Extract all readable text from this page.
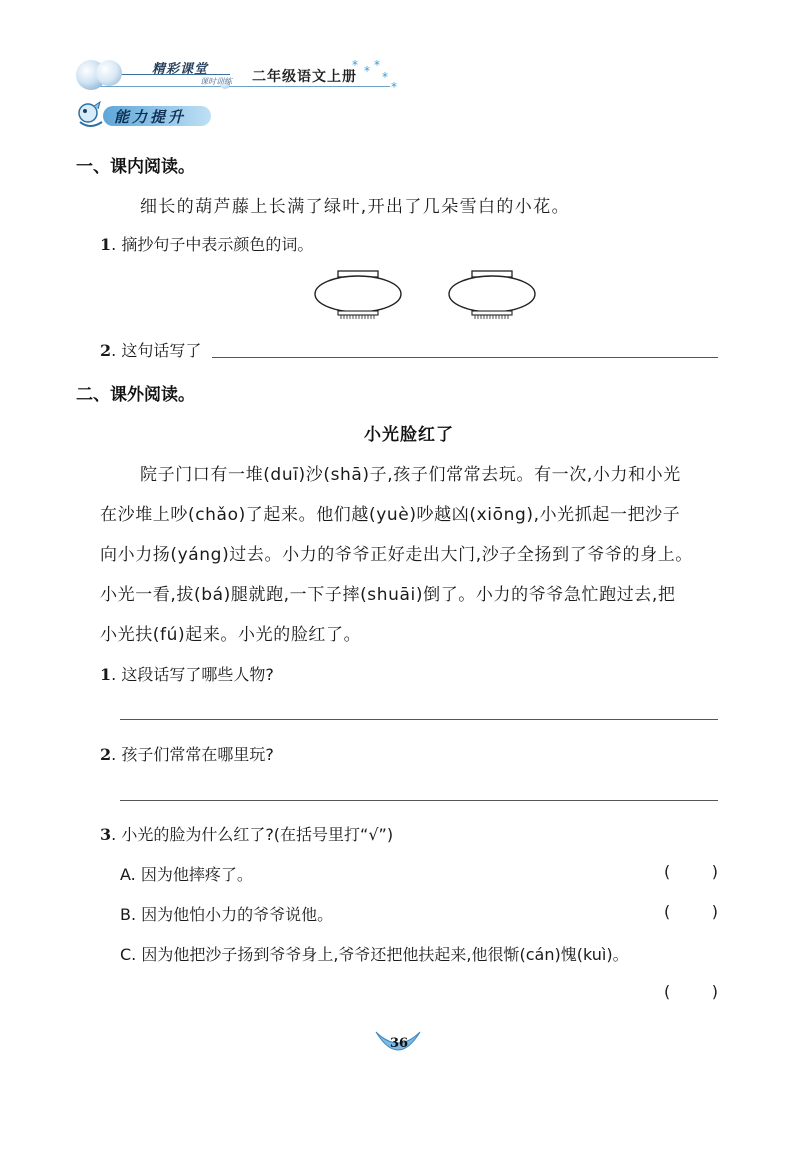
精彩课堂
课时训练 二年级语文上册
* * *
*
*
能力提升
一、课内阅读。
细长的葫芦藤上长满了绿叶,开出了几朵雪白的小花。
1. 摘抄句子中表示颜色的词。
2. 这句话写了
二、课外阅读。
小光脸红了
院子门口有一堆(duī)沙(shā)子,孩子们常常去玩。有一次,小力和小光
在沙堆上吵(chǎo)了起来。他们越(yuè)吵越凶(xiōng),小光抓起一把沙子
向小力扬(yáng)过去。小力的爷爷正好走出大门,沙子全扬到了爷爷的身上。
小光一看,拔(bá)腿就跑,一下子摔(shuāi)倒了。小力的爷爷急忙跑过去,把
小光扶(fú)起来。小光的脸红了。
1. 这段话写了哪些人物?
2. 孩子们常常在哪里玩?
3. 小光的脸为什么红了?(在括号里打“√”)
A. 因为他摔疼了。	(	)
B. 因为他怕小力的爷爷说他。	(	)
C. 因为他把沙子扬到爷爷身上,爷爷还把他扶起来,他很惭(cán)愧(kuì)。
(	)
36
